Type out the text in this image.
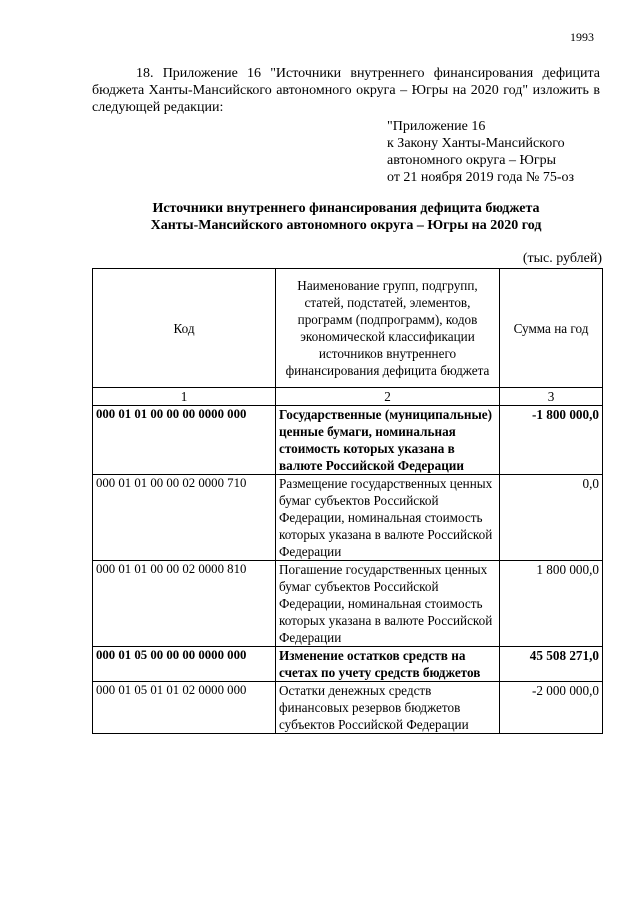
1993
18. Приложение 16 "Источники внутреннего финансирования дефицита бюджета Ханты-Мансийского автономного округа – Югры на 2020 год" изложить в следующей редакции:
"Приложение 16
к Закону Ханты-Мансийского
автономного округа – Югры
от 21 ноября 2019 года № 75-оз
Источники внутреннего финансирования дефицита бюджета
Ханты-Мансийского автономного округа – Югры на 2020 год
(тыс. рублей)
Код	Наименование групп, подгрупп, статей, подстатей, элементов, программ (подпрограмм), кодов экономической классификации источников внутреннего финансирования дефицита бюджета	Сумма на год
1	2	3
000 01 01 00 00 00 0000 000	Государственные (муниципальные) ценные бумаги, номинальная стоимость которых указана в валюте Российской Федерации	-1 800 000,0
000 01 01 00 00 02 0000 710	Размещение государственных ценных бумаг субъектов Российской Федерации, номинальная стоимость которых указана в валюте Российской Федерации	0,0
000 01 01 00 00 02 0000 810	Погашение государственных ценных бумаг субъектов Российской Федерации, номинальная стоимость которых указана в валюте Российской Федерации	1 800 000,0
000 01 05 00 00 00 0000 000	Изменение остатков средств на счетах по учету средств бюджетов	45 508 271,0
000 01 05 01 01 02 0000 000	Остатки денежных средств финансовых резервов бюджетов субъектов Российской Федерации	-2 000 000,0
